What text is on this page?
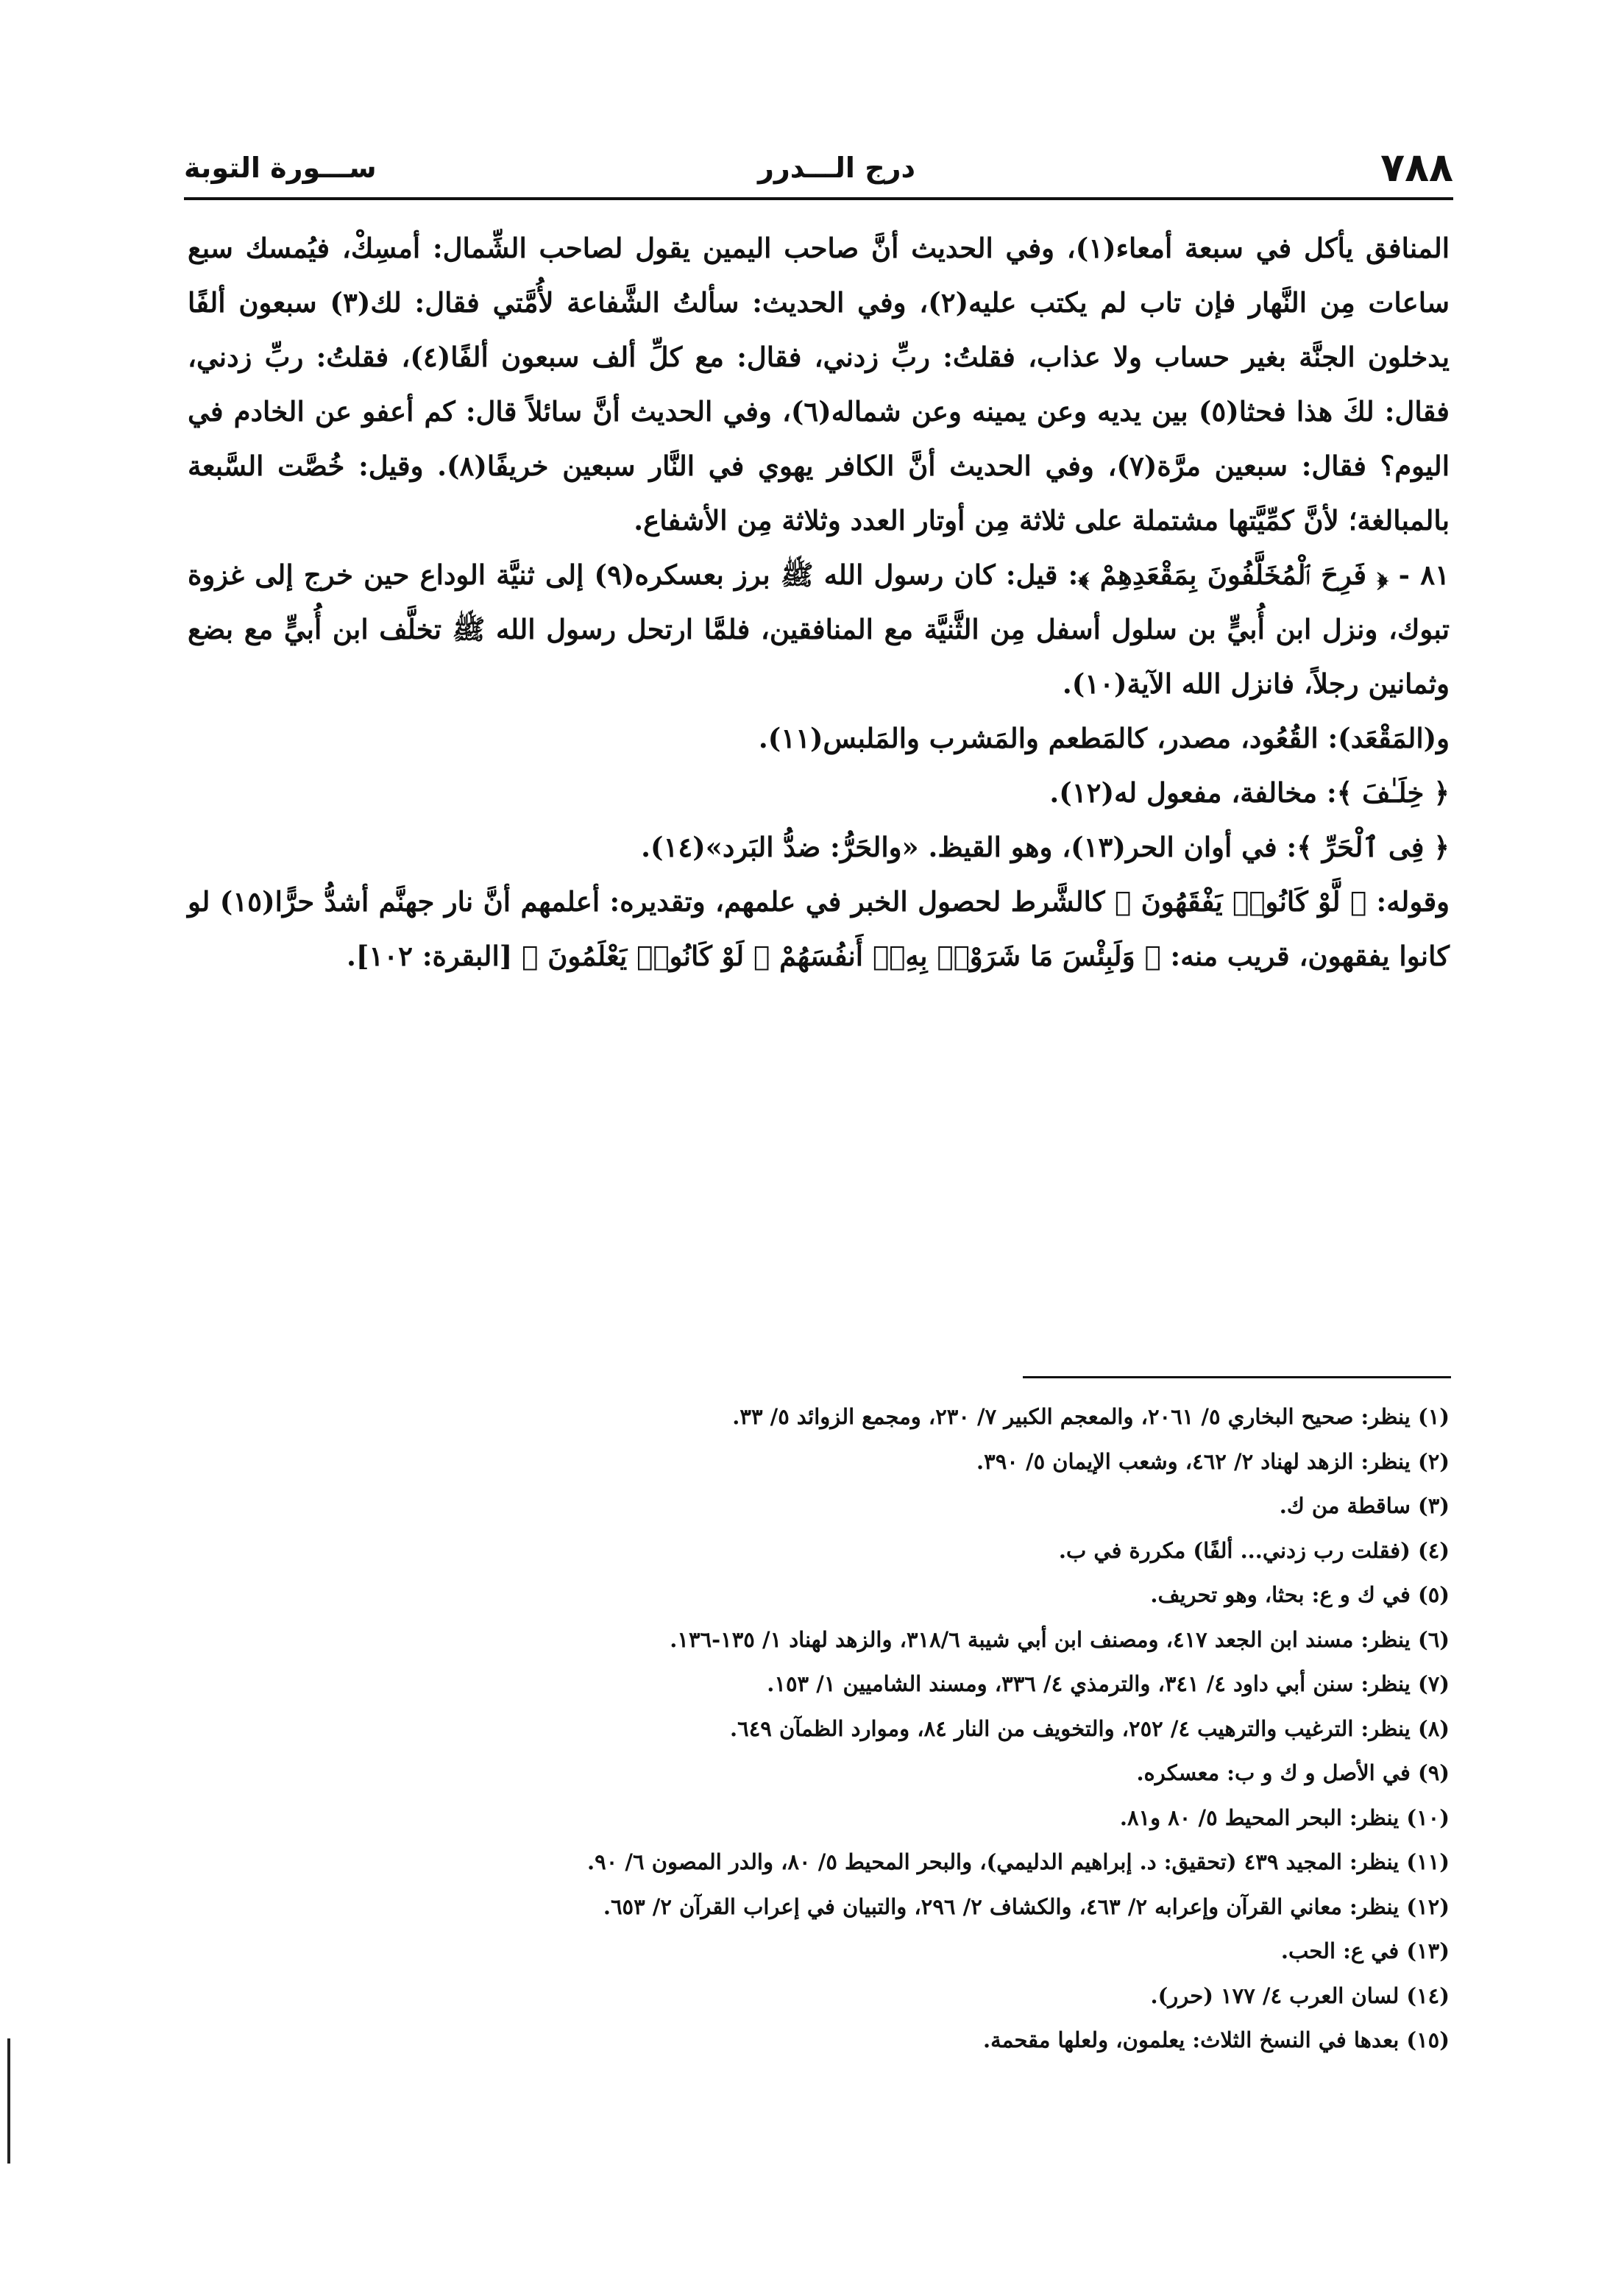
٧٨٨
درج الـــدرر
ســـورة التوبة

المنافق يأكل في سبعة أمعاء(١)، وفي الحديث أنَّ صاحب اليمين يقول لصاحب الشِّمال: أمسِكْ، فيُمسك سبع ساعات مِن النَّهار فإن تاب لم يكتب عليه(٢)، وفي الحديث: سألتُ الشَّفاعة لأُمَّتي فقال: لك(٣) سبعون ألفًا يدخلون الجنَّة بغير حساب ولا عذاب، فقلتُ: ربِّ زدني، فقال: مع كلِّ ألف سبعون ألفًا(٤)، فقلتُ: ربِّ زدني، فقال: لكَ هذا فحثا(٥) بين يديه وعن يمينه وعن شماله(٦)، وفي الحديث أنَّ سائلاً قال: كم أعفو عن الخادم في اليوم؟ فقال: سبعين مرَّة(٧)، وفي الحديث أنَّ الكافر يهوي في النَّار سبعين خريفًا(٨). وقيل: خُصَّت السَّبعة بالمبالغة؛ لأنَّ كمِّيَّتها مشتملة على ثلاثة مِن أوتار العدد وثلاثة مِن الأشفاع.

٨١ - ﴿ فَرِحَ ٱلْمُخَلَّفُونَ بِمَقْعَدِهِمْ ﴾: قيل: كان رسول الله ﷺ برز بعسكره(٩) إلى ثنيَّة الوداع حين خرج إلى غزوة تبوك، ونزل ابن أُبيٍّ بن سلول أسفل مِن الثَّنيَّة مع المنافقين، فلمَّا ارتحل رسول الله ﷺ تخلَّف ابن أُبيٍّ مع بضع وثمانين رجلاً، فانزل الله الآية(١٠).

و(المَقْعَد): القُعُود، مصدر، كالمَطعم والمَشرب والمَلبس(١١).

﴿ خِلَـٰفَ ﴾: مخالفة، مفعول له(١٢).

﴿ فِى ٱلْحَرِّ ﴾: في أوان الحر(١٣)، وهو القيظ. «والحَرُّ: ضدُّ البَرد»(١٤).

وقوله: ﴿ لَّوْ كَانُوا۟ يَفْقَهُونَ ﴾ كالشَّرط لحصول الخبر في علمهم، وتقديره: أعلمهم أنَّ نار جهنَّم أشدُّ حرًّا(١٥) لو كانوا يفقهون، قريب منه: ﴿ وَلَبِئْسَ مَا شَرَوْا۟ بِهِۦٓ أَنفُسَهُمْ ۚ لَوْ كَانُوا۟ يَعْلَمُونَ ﴾ [البقرة: ١٠٢].

(١) ينظر: صحيح البخاري ٥/ ٢٠٦١، والمعجم الكبير ٧/ ٢٣٠، ومجمع الزوائد ٥/ ٣٣.
(٢) ينظر: الزهد لهناد ٢/ ٤٦٢، وشعب الإيمان ٥/ ٣٩٠.
(٣) ساقطة من ك.
(٤) (فقلت رب زدني... ألفًا) مكررة في ب.
(٥) في ك و ع: بحثا، وهو تحريف.
(٦) ينظر: مسند ابن الجعد ٤١٧، ومصنف ابن أبي شيبة ٣١٨/٦، والزهد لهناد ١/ ١٣٥-١٣٦.
(٧) ينظر: سنن أبي داود ٤/ ٣٤١، والترمذي ٤/ ٣٣٦، ومسند الشاميين ١/ ١٥٣.
(٨) ينظر: الترغيب والترهيب ٤/ ٢٥٢، والتخويف من النار ٨٤، وموارد الظمآن ٦٤٩.
(٩) في الأصل و ك و ب: معسكره.
(١٠) ينظر: البحر المحيط ٥/ ٨٠ و٨١.
(١١) ينظر: المجيد ٤٣٩ (تحقيق: د. إبراهيم الدليمي)، والبحر المحيط ٥/ ٨٠، والدر المصون ٦/ ٩٠.
(١٢) ينظر: معاني القرآن وإعرابه ٢/ ٤٦٣، والكشاف ٢/ ٢٩٦، والتبيان في إعراب القرآن ٢/ ٦٥٣.
(١٣) في ع: الحب.
(١٤) لسان العرب ٤/ ١٧٧ (حرر).
(١٥) بعدها في النسخ الثلاث: يعلمون، ولعلها مقحمة.
